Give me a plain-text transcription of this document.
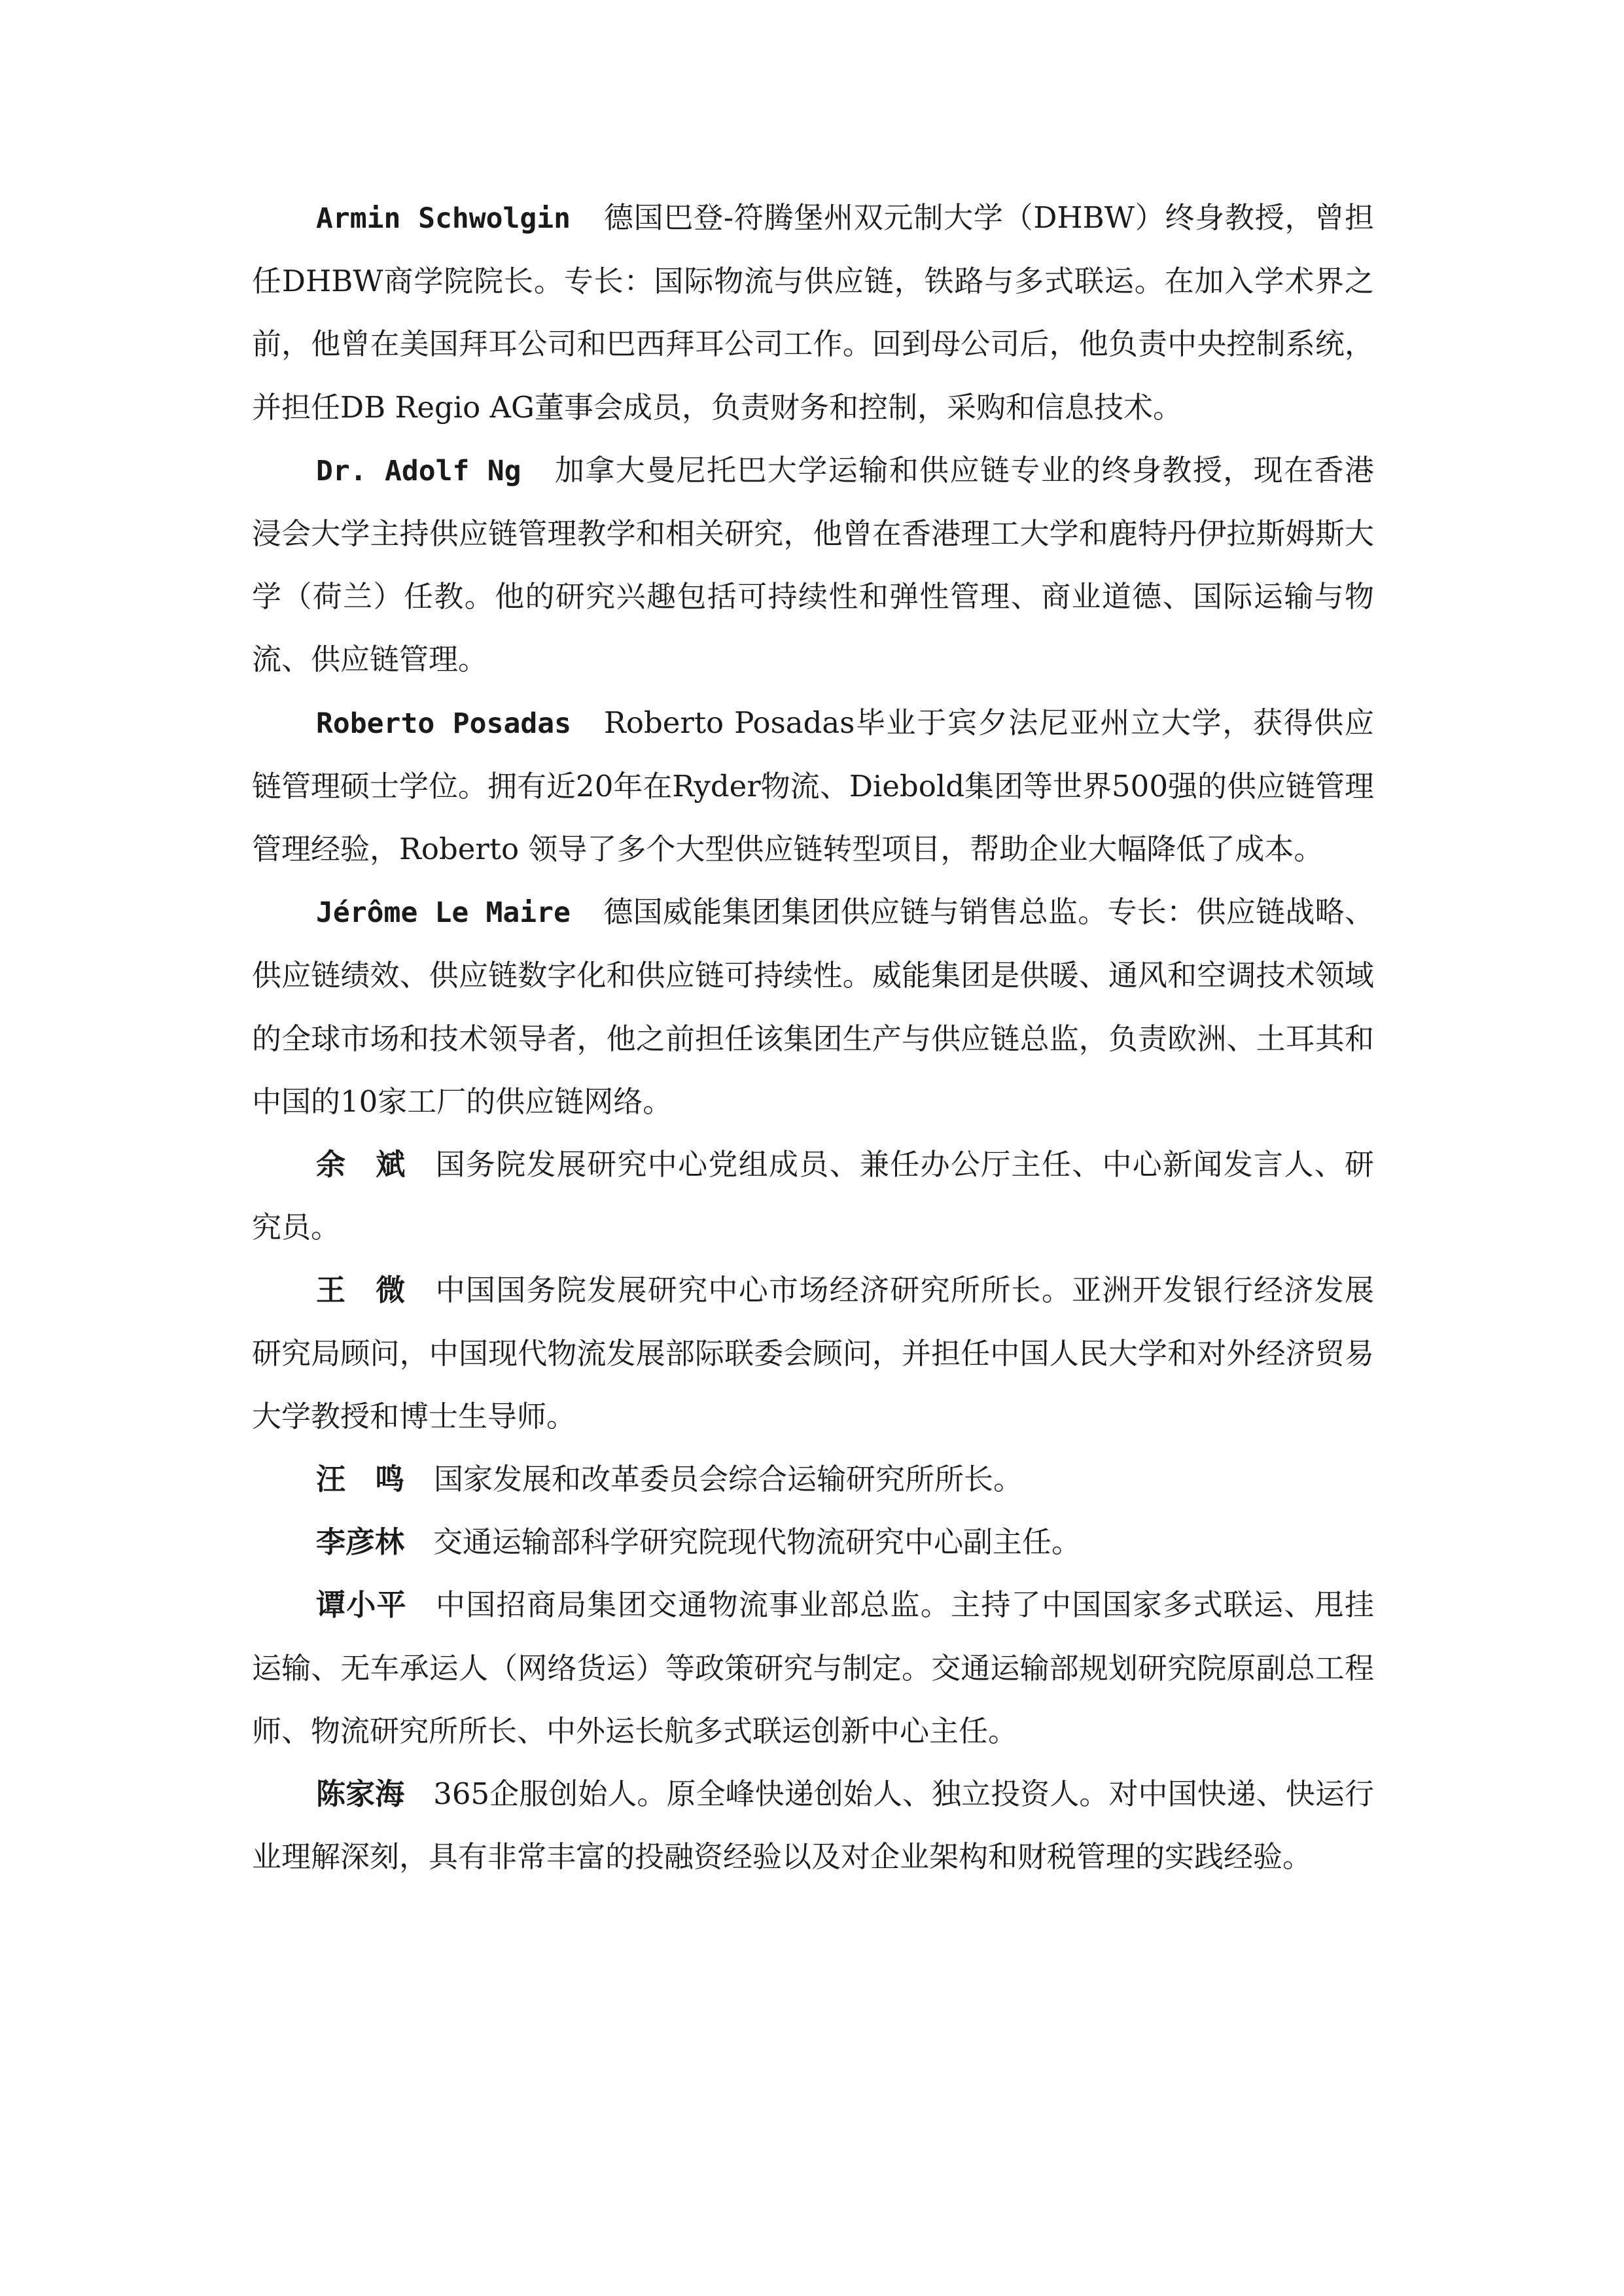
Armin Schwolgin 德国巴登-符腾堡州双元制大学（DHBW）终身教授，曾担任DHBW商学院院长。专长：国际物流与供应链，铁路与多式联运。在加入学术界之前，他曾在美国拜耳公司和巴西拜耳公司工作。回到母公司后，他负责中央控制系统，并担任DB Regio AG董事会成员，负责财务和控制，采购和信息技术。

Dr. Adolf Ng 加拿大曼尼托巴大学运输和供应链专业的终身教授，现在香港浸会大学主持供应链管理教学和相关研究，他曾在香港理工大学和鹿特丹伊拉斯姆斯大学（荷兰）任教。他的研究兴趣包括可持续性和弹性管理、商业道德、国际运输与物流、供应链管理。

Roberto Posadas Roberto Posadas毕业于宾夕法尼亚州立大学，获得供应链管理硕士学位。拥有近20年在Ryder物流、Diebold集团等世界500强的供应链管理管理经验，Roberto 领导了多个大型供应链转型项目，帮助企业大幅降低了成本。

Jérôme Le Maire 德国威能集团集团供应链与销售总监。专长：供应链战略、供应链绩效、供应链数字化和供应链可持续性。威能集团是供暖、通风和空调技术领域的全球市场和技术领导者，他之前担任该集团生产与供应链总监，负责欧洲、土耳其和中国的10家工厂的供应链网络。

余斌国务院发展研究中心党组成员、兼任办公厅主任、中心新闻发言人、研究员。

王微中国国务院发展研究中心市场经济研究所所长。亚洲开发银行经济发展研究局顾问，中国现代物流发展部际联委会顾问，并担任中国人民大学和对外经济贸易大学教授和博士生导师。

汪鸣国家发展和改革委员会综合运输研究所所长。

李彦林 交通运输部科学研究院现代物流研究中心副主任。

谭小平 中国招商局集团交通物流事业部总监。主持了中国国家多式联运、甩挂运输、无车承运人（网络货运）等政策研究与制定。交通运输部规划研究院原副总工程师、物流研究所所长、中外运长航多式联运创新中心主任。

陈家海 365企服创始人。原全峰快递创始人、独立投资人。对中国快递、快运行业理解深刻，具有非常丰富的投融资经验以及对企业架构和财税管理的实践经验。
